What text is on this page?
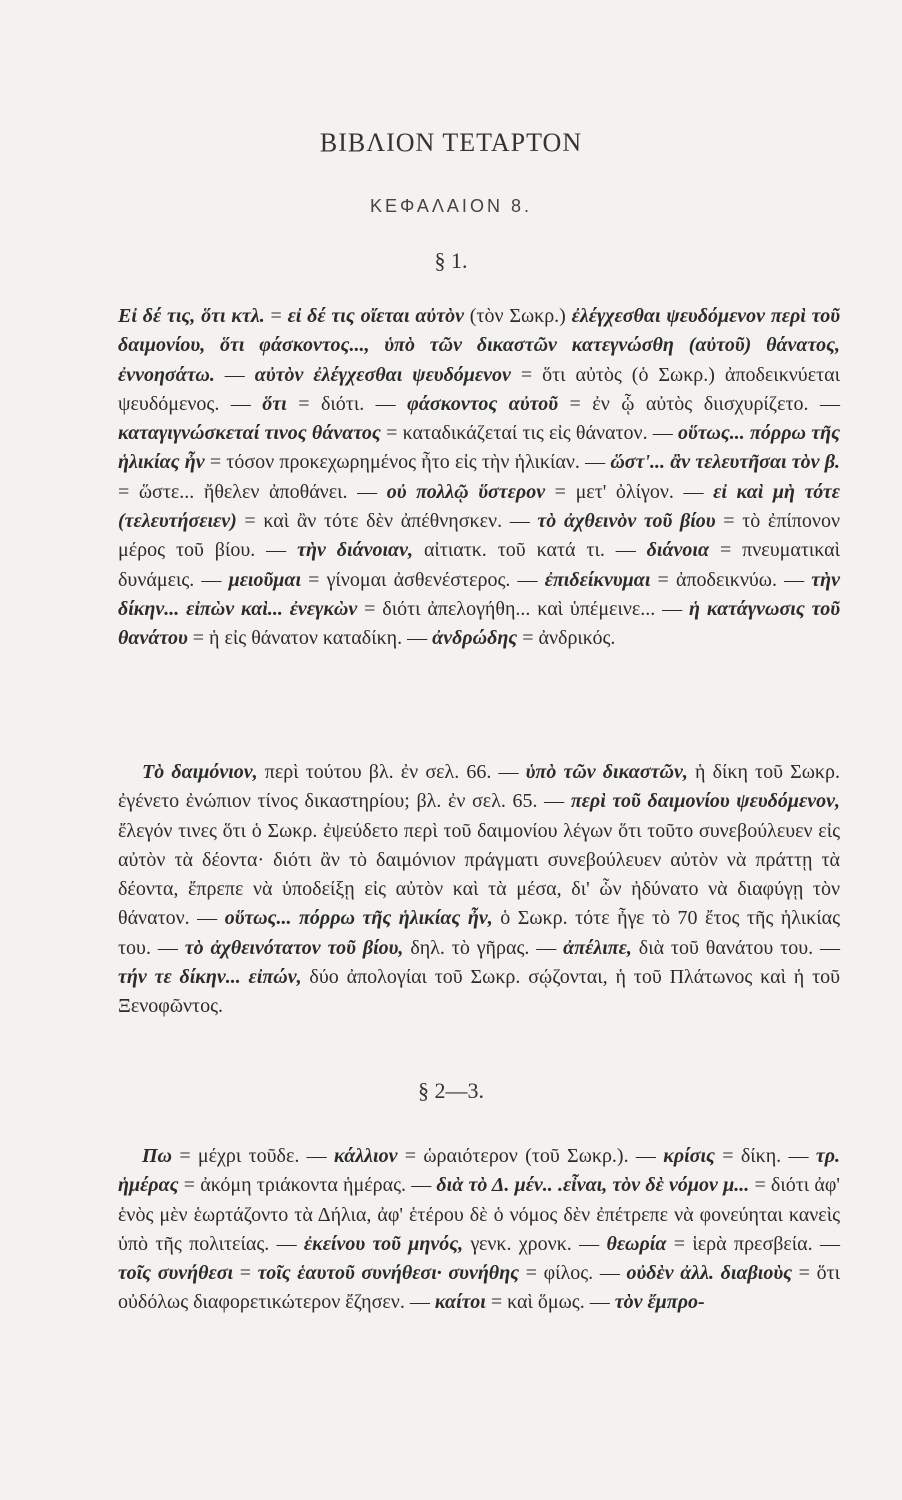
ΒΙΒΛΙΟΝ ΤΕΤΑΡΤΟΝ
ΚΕΦΑΛΑΙΟΝ 8.
§ 1.

Εἰ δέ τις, ὅτι κτλ. = εἰ δέ τις οἴεται αὐτὸν (τὸν Σωκρ.) ἐλέγχεσθαι ψευδόμενον περὶ τοῦ δαιμονίου, ὅτι φάσκοντος..., ὑπὸ τῶν δικαστῶν κατεγνώσθη (αὐτοῦ) θάνατος, ἐννοησάτω. — αὐτὸν ἐλέγχεσθαι ψευδόμενον = ὅτι αὐτὸς (ὁ Σωκρ.) ἀποδεικνύεται ψευδόμενος. — ὅτι = διότι. — φάσκοντος αὐτοῦ = ἐν ᾧ αὐτὸς διισχυρίζετο. — καταγιγνώσκεταί τινος θάνατος = καταδικάζεταί τις εἰς θάνατον. — οὕτως... πόρρω τῆς ἡλικίας ἦν = τόσον προκεχωρημένος ἦτο εἰς τὴν ἡλικίαν. — ὥστ'... ἂν τελευτῆσαι τὸν β. = ὥστε... ἤθελεν ἀποθάνει. — οὐ πολλῷ ὕστερον = μετ' ὀλίγον. — εἰ καὶ μὴ τότε (τελευτήσειεν) = καὶ ἂν τότε δὲν ἀπέθνησκεν. — τὸ ἀχθεινὸν τοῦ βίου = τὸ ἐπίπονον μέρος τοῦ βίου. — τὴν διάνοιαν, αἰτιατκ. τοῦ κατά τι. — διάνοια = πνευματικαὶ δυνάμεις. — μειοῦμαι = γίνομαι ἀσθενέστερος. — ἐπιδείκνυμαι = ἀποδεικνύω. — τὴν δίκην... εἰπὼν καὶ... ἐνεγκὼν = διότι ἀπελογήθη... καὶ ὑπέμεινε... — ἡ κατάγνωσις τοῦ θανάτου = ἡ εἰς θάνατον καταδίκη. — ἀνδρώδης = ἀνδρικός.

Τὸ δαιμόνιον, περὶ τούτου βλ. ἐν σελ. 66. — ὑπὸ τῶν δικαστῶν, ἡ δίκη τοῦ Σωκρ. ἐγένετο ἐνώπιον τίνος δικαστηρίου; βλ. ἐν σελ. 65. — περὶ τοῦ δαιμονίου ψευδόμενον, ἔλεγόν τινες ὅτι ὁ Σωκρ. ἐψεύδετο περὶ τοῦ δαιμονίου λέγων ὅτι τοῦτο συνεβούλευεν εἰς αὐτὸν τὰ δέοντα· διότι ἂν τὸ δαιμόνιον πράγματι συνεβούλευεν αὐτὸν νὰ πράττῃ τὰ δέοντα, ἔπρεπε νὰ ὑποδείξῃ εἰς αὐτὸν καὶ τὰ μέσα, δι' ὧν ἠδύνατο νὰ διαφύγῃ τὸν θάνατον. — οὕτως... πόρρω τῆς ἡλικίας ἦν, ὁ Σωκρ. τότε ἦγε τὸ 70 ἔτος τῆς ἡλικίας του. — τὸ ἀχθεινότατον τοῦ βίου, δηλ. τὸ γῆρας. — ἀπέλιπε, διὰ τοῦ θανάτου του. — τήν τε δίκην... εἰπών, δύο ἀπολογίαι τοῦ Σωκρ. σῴζονται, ἡ τοῦ Πλάτωνος καὶ ἡ τοῦ Ξενοφῶντος.

§ 2—3.

Πω = μέχρι τοῦδε. — κάλλιον = ὡραιότερον (τοῦ Σωκρ.). — κρίσις = δίκη. — τρ. ἡμέρας = ἀκόμη τριάκοντα ἡμέρας. — διὰ τὸ Δ. μέν.. .εἶναι, τὸν δὲ νόμον μ... = διότι ἀφ' ἑνὸς μὲν ἑωρτάζοντο τὰ Δήλια, ἀφ' ἑτέρου δὲ ὁ νόμος δὲν ἐπέτρεπε νὰ φονεύηται κανεὶς ὑπὸ τῆς πολιτείας. — ἐκείνου τοῦ μηνός, γενκ. χρονκ. — θεωρία = ἱερὰ πρεσβεία. — τοῖς συνήθεσι = τοῖς ἑαυτοῦ συνήθεσι· συνήθης = φίλος. — οὐδὲν ἀλλ. διαβιοὺς = ὅτι οὐδόλως διαφορετικώτερον ἔζησεν. — καίτοι = καὶ ὅμως. — τὸν ἔμπρο-
